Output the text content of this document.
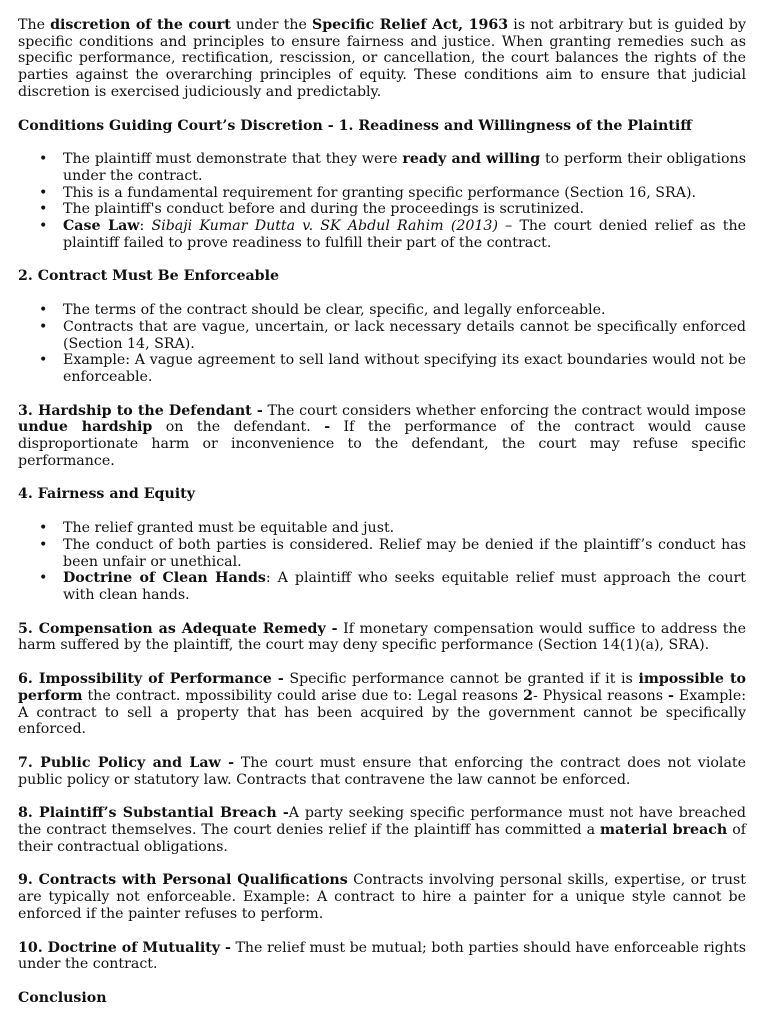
The discretion of the court under the Specific Relief Act, 1963 is not arbitrary but is guided by specific conditions and principles to ensure fairness and justice. When granting remedies such as specific performance, rectification, rescission, or cancellation, the court balances the rights of the parties against the overarching principles of equity. These conditions aim to ensure that judicial discretion is exercised judiciously and predictably.

Conditions Guiding Court’s Discretion - 1. Readiness and Willingness of the Plaintiff

• The plaintiff must demonstrate that they were ready and willing to perform their obligations under the contract.
• This is a fundamental requirement for granting specific performance (Section 16, SRA).
• The plaintiff's conduct before and during the proceedings is scrutinized.
• Case Law: Sibaji Kumar Dutta v. SK Abdul Rahim (2013) – The court denied relief as the plaintiff failed to prove readiness to fulfill their part of the contract.

2. Contract Must Be Enforceable

• The terms of the contract should be clear, specific, and legally enforceable.
• Contracts that are vague, uncertain, or lack necessary details cannot be specifically enforced (Section 14, SRA).
• Example: A vague agreement to sell land without specifying its exact boundaries would not be enforceable.

3. Hardship to the Defendant - The court considers whether enforcing the contract would impose undue hardship on the defendant. - If the performance of the contract would cause disproportionate harm or inconvenience to the defendant, the court may refuse specific performance.

4. Fairness and Equity

• The relief granted must be equitable and just.
• The conduct of both parties is considered. Relief may be denied if the plaintiff’s conduct has been unfair or unethical.
• Doctrine of Clean Hands: A plaintiff who seeks equitable relief must approach the court with clean hands.

5. Compensation as Adequate Remedy - If monetary compensation would suffice to address the harm suffered by the plaintiff, the court may deny specific performance (Section 14(1)(a), SRA).

6. Impossibility of Performance - Specific performance cannot be granted if it is impossible to perform the contract. mpossibility could arise due to: Legal reasons 2- Physical reasons - Example: A contract to sell a property that has been acquired by the government cannot be specifically enforced.

7. Public Policy and Law - The court must ensure that enforcing the contract does not violate public policy or statutory law. Contracts that contravene the law cannot be enforced.

8. Plaintiff’s Substantial Breach -A party seeking specific performance must not have breached the contract themselves. The court denies relief if the plaintiff has committed a material breach of their contractual obligations.

9. Contracts with Personal Qualifications Contracts involving personal skills, expertise, or trust are typically not enforceable. Example: A contract to hire a painter for a unique style cannot be enforced if the painter refuses to perform.

10. Doctrine of Mutuality - The relief must be mutual; both parties should have enforceable rights under the contract.

Conclusion
